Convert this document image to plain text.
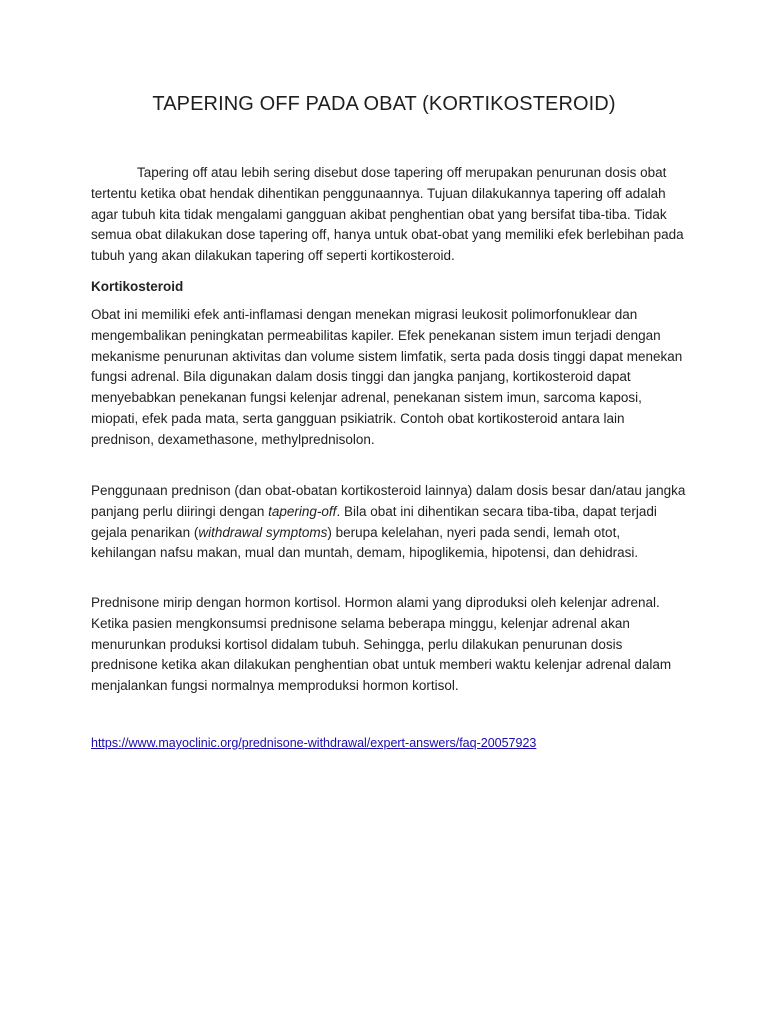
TAPERING OFF PADA OBAT (KORTIKOSTEROID)
Tapering off atau lebih sering disebut dose tapering off merupakan penurunan dosis obat tertentu ketika obat hendak dihentikan penggunaannya. Tujuan dilakukannya tapering off adalah agar tubuh kita tidak mengalami gangguan akibat penghentian obat yang bersifat tiba-tiba. Tidak semua obat dilakukan dose tapering off, hanya untuk obat-obat yang memiliki efek berlebihan pada tubuh yang akan dilakukan tapering off seperti kortikosteroid.
Kortikosteroid
Obat ini memiliki efek anti-inflamasi dengan menekan migrasi leukosit polimorfonuklear dan mengembalikan peningkatan permeabilitas kapiler. Efek penekanan sistem imun terjadi dengan mekanisme penurunan aktivitas dan volume sistem limfatik, serta pada dosis tinggi dapat menekan fungsi adrenal. Bila digunakan dalam dosis tinggi dan jangka panjang, kortikosteroid dapat menyebabkan penekanan fungsi kelenjar adrenal, penekanan sistem imun, sarcoma kaposi, miopati, efek pada mata, serta gangguan psikiatrik. Contoh obat kortikosteroid antara lain prednison, dexamethasone, methylprednisolon.
Penggunaan prednison (dan obat-obatan kortikosteroid lainnya) dalam dosis besar dan/atau jangka panjang perlu diiringi dengan tapering-off. Bila obat ini dihentikan secara tiba-tiba, dapat terjadi gejala penarikan (withdrawal symptoms) berupa kelelahan, nyeri pada sendi, lemah otot, kehilangan nafsu makan, mual dan muntah, demam, hipoglikemia, hipotensi, dan dehidrasi.
Prednisone mirip dengan hormon kortisol. Hormon alami yang diproduksi oleh kelenjar adrenal. Ketika pasien mengkonsumsi prednisone selama beberapa minggu, kelenjar adrenal akan menurunkan produksi kortisol didalam tubuh. Sehingga, perlu dilakukan penurunan dosis prednisone ketika akan dilakukan penghentian obat untuk memberi waktu kelenjar adrenal dalam menjalankan fungsi normalnya memproduksi hormon kortisol.
https://www.mayoclinic.org/prednisone-withdrawal/expert-answers/faq-20057923
